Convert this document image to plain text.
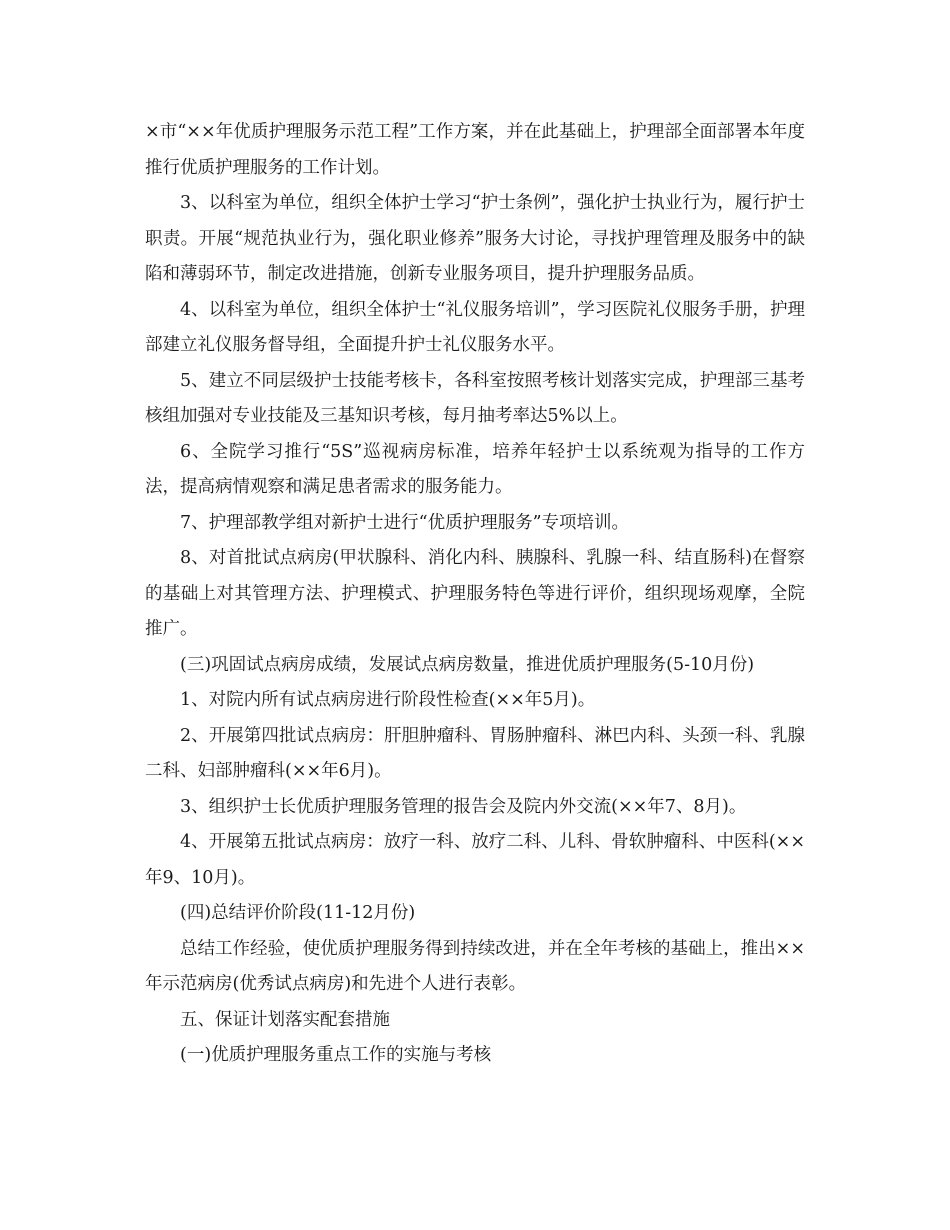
×市“××年优质护理服务示范工程”工作方案，并在此基础上，护理部全面部署本年度推行优质护理服务的工作计划。

3、以科室为单位，组织全体护士学习“护士条例”，强化护士执业行为，履行护士职责。开展“规范执业行为，强化职业修养”服务大讨论，寻找护理管理及服务中的缺陷和薄弱环节，制定改进措施，创新专业服务项目，提升护理服务品质。

4、以科室为单位，组织全体护士“礼仪服务培训”，学习医院礼仪服务手册，护理部建立礼仪服务督导组，全面提升护士礼仪服务水平。

5、建立不同层级护士技能考核卡，各科室按照考核计划落实完成，护理部三基考核组加强对专业技能及三基知识考核，每月抽考率达5%以上。

6、全院学习推行“5S”巡视病房标准，培养年轻护士以系统观为指导的工作方法，提高病情观察和满足患者需求的服务能力。

7、护理部教学组对新护士进行“优质护理服务”专项培训。

8、对首批试点病房(甲状腺科、消化内科、胰腺科、乳腺一科、结直肠科)在督察的基础上对其管理方法、护理模式、护理服务特色等进行评价，组织现场观摩，全院推广。

(三)巩固试点病房成绩，发展试点病房数量，推进优质护理服务(5-10月份)

1、对院内所有试点病房进行阶段性检查(××年5月)。

2、开展第四批试点病房：肝胆肿瘤科、胃肠肿瘤科、淋巴内科、头颈一科、乳腺二科、妇部肿瘤科(××年6月)。

3、组织护士长优质护理服务管理的报告会及院内外交流(××年7、8月)。

4、开展第五批试点病房：放疗一科、放疗二科、儿科、骨软肿瘤科、中医科(××年9、10月)。

(四)总结评价阶段(11-12月份)

总结工作经验，使优质护理服务得到持续改进，并在全年考核的基础上，推出××年示范病房(优秀试点病房)和先进个人进行表彰。

五、保证计划落实配套措施

(一)优质护理服务重点工作的实施与考核
